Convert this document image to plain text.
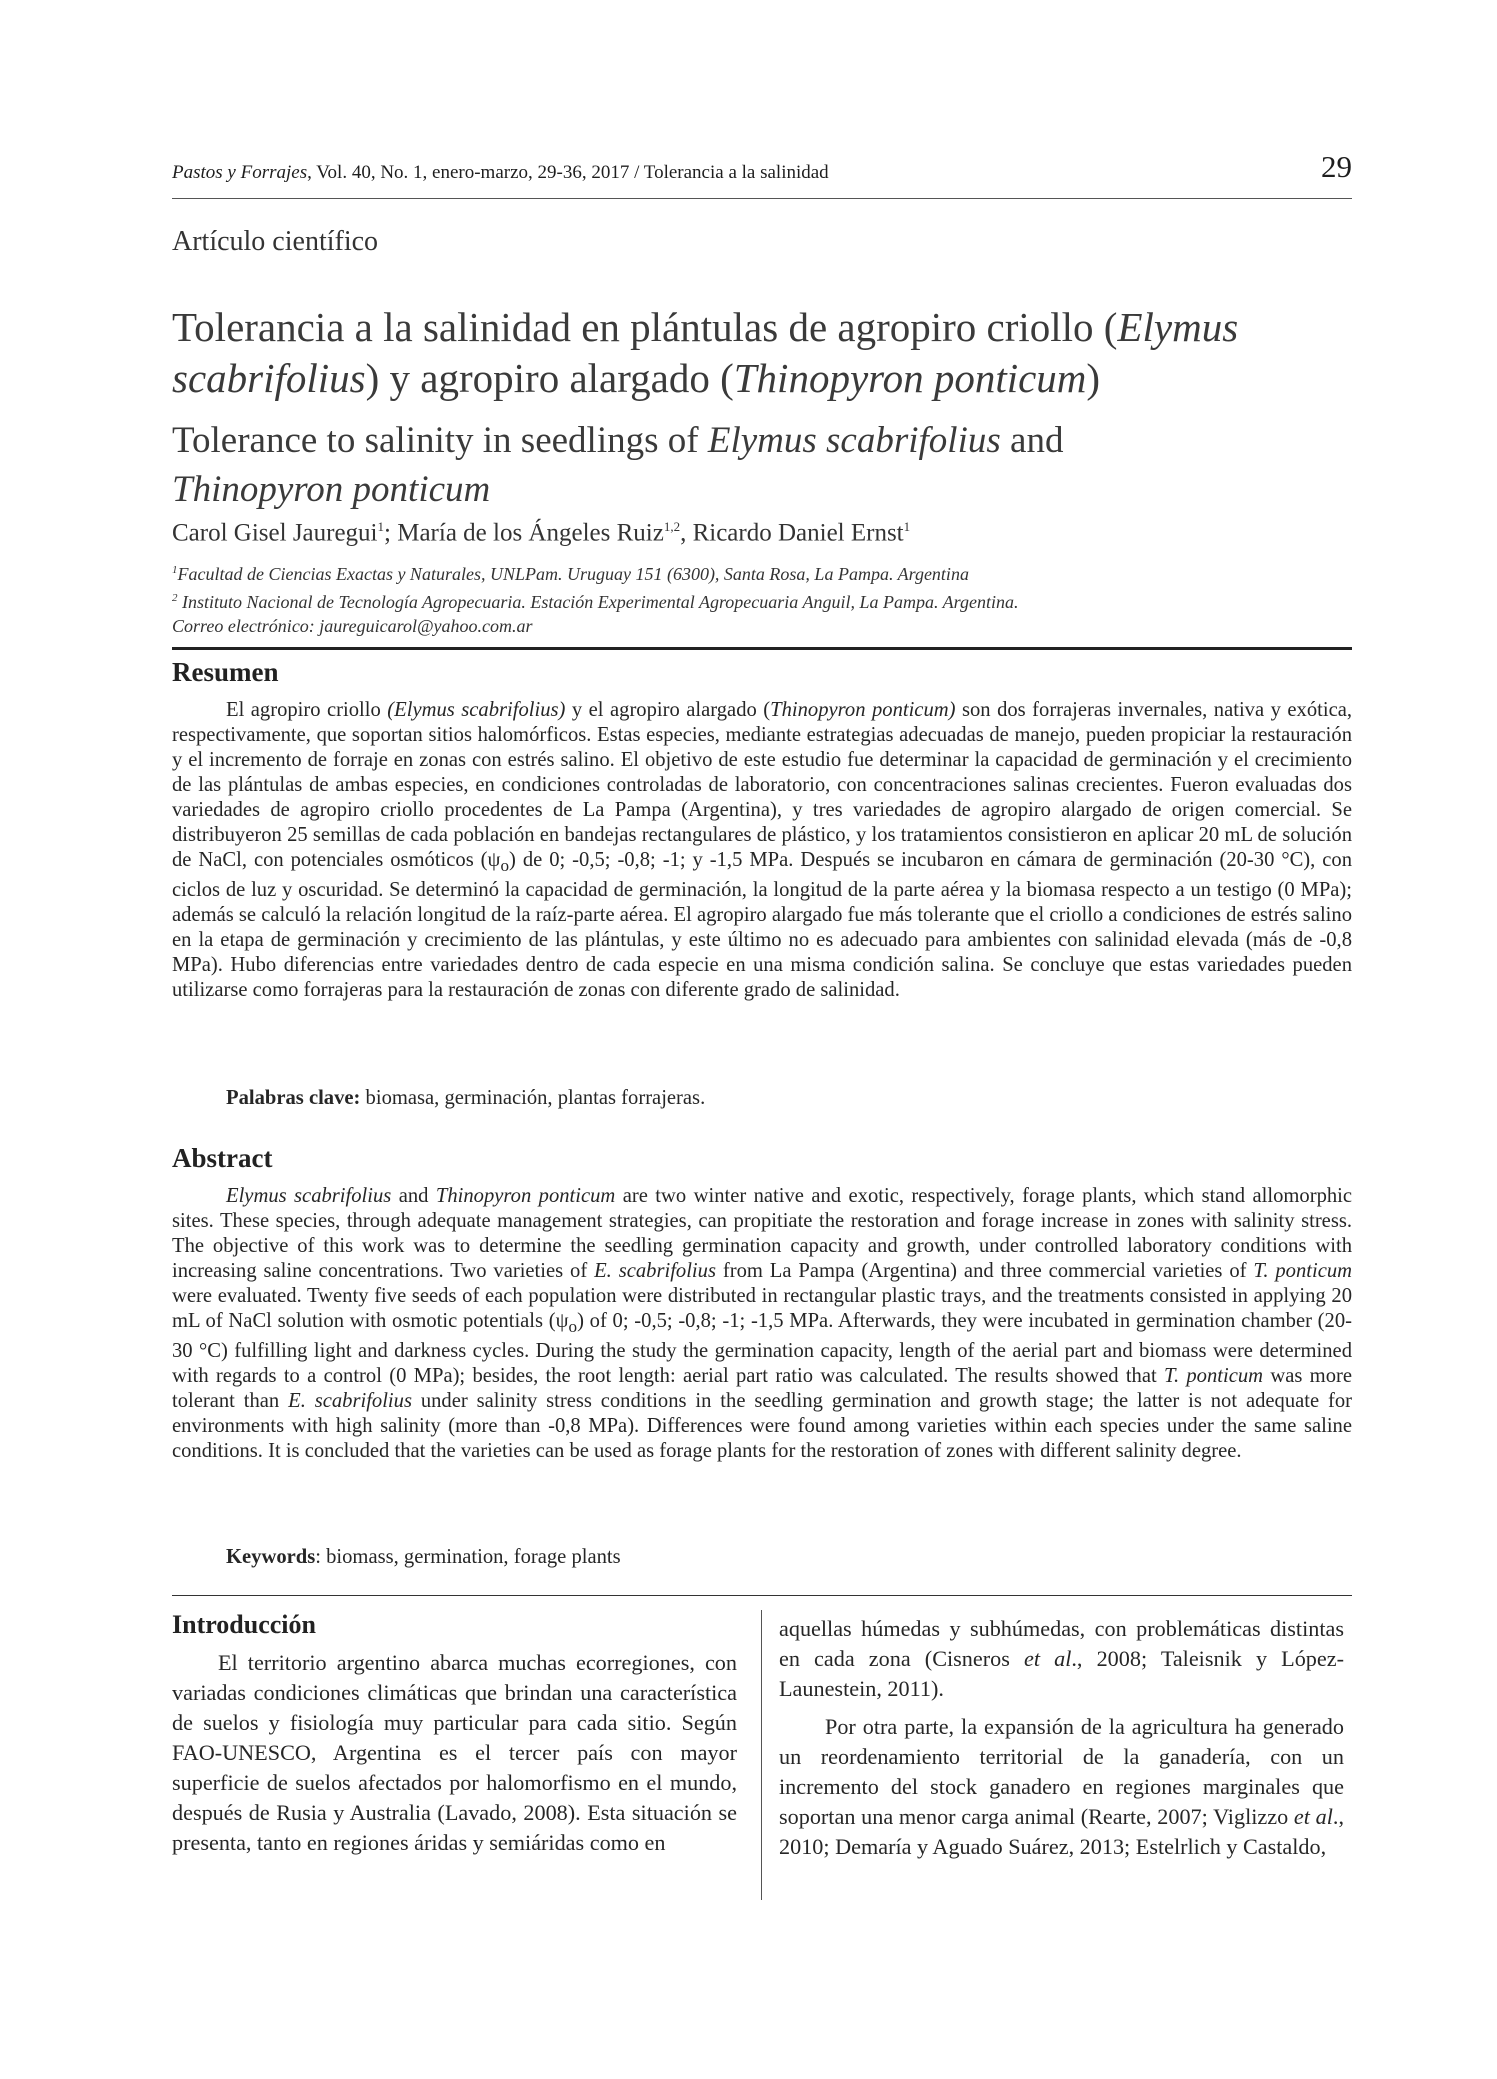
Pastos y Forrajes, Vol. 40, No. 1, enero-marzo, 29-36, 2017 / Tolerancia a la salinidad	29
Artículo científico
Tolerancia a la salinidad en plántulas de agropiro criollo (Elymus scabrifolius) y agropiro alargado (Thinopyron ponticum)
Tolerance to salinity in seedlings of Elymus scabrifolius and
Thinopyron ponticum
Carol Gisel Jauregui$^1$; María de los Ángeles Ruiz$^{1,2}$, Ricardo Daniel Ernst$^1$
$^1$Facultad de Ciencias Exactas y Naturales, UNLPam. Uruguay 151 (6300), Santa Rosa, La Pampa. Argentina
$^2$ Instituto Nacional de Tecnología Agropecuaria. Estación Experimental Agropecuaria Anguil, La Pampa. Argentina.
Correo electrónico: jaureguicarol@yahoo.com.ar
Resumen

El agropiro criollo (Elymus scabrifolius) y el agropiro alargado (Thinopyron ponticum) son dos forrajeras invernales, nativa y exótica, respectivamente, que soportan sitios halomórficos. Estas especies, mediante estrategias adecuadas de manejo, pueden propiciar la restauración y el incremento de forraje en zonas con estrés salino. El objetivo de este estudio fue determinar la capacidad de germinación y el crecimiento de las plántulas de ambas especies, en condiciones controladas de laboratorio, con concentraciones salinas crecientes. Fueron evaluadas dos variedades de agropiro criollo procedentes de La Pampa (Argentina), y tres variedades de agropiro alargado de origen comercial. Se distribuyeron 25 semillas de cada población en bandejas rectangulares de plástico, y los tratamientos consistieron en aplicar 20 mL de solución de NaCl, con potenciales osmóticos $(\psi_o)$ de 0; -0,5; -0,8; -1; y -1,5 MPa. Después se incubaron en cámara de germinación (20-30 °C), con ciclos de luz y oscuridad. Se determinó la capacidad de germinación, la longitud de la parte aérea y la biomasa respecto a un testigo (0 MPa); además se calculó la relación longitud de la raíz-parte aérea. El agropiro alargado fue más tolerante que el criollo a condiciones de estrés salino en la etapa de germinación y crecimiento de las plántulas, y este último no es adecuado para ambientes con salinidad elevada (más de -0,8 MPa). Hubo diferencias entre variedades dentro de cada especie en una misma condición salina. Se concluye que estas variedades pueden utilizarse como forrajeras para la restauración de zonas con diferente grado de salinidad.

Palabras clave: biomasa, germinación, plantas forrajeras.
Abstract

Elymus scabrifolius and Thinopyron ponticum are two winter native and exotic, respectively, forage plants, which stand allomorphic sites. These species, through adequate management strategies, can propitiate the restoration and forage increase in zones with salinity stress. The objective of this work was to determine the seedling germination capacity and growth, under controlled laboratory conditions with increasing saline concentrations. Two varieties of E. scabrifolius from La Pampa (Argentina) and three commercial varieties of T. ponticum were evaluated. Twenty five seeds of each population were distributed in rectangular plastic trays, and the treatments consisted in applying 20 mL of NaCl solution with osmotic potentials $(\psi_o)$ of 0; -0,5; -0,8; -1; -1,5 MPa. Afterwards, they were incubated in germination chamber (20-30 °C) fulfilling light and darkness cycles. During the study the germination capacity, length of the aerial part and biomass were determined with regards to a control (0 MPa); besides, the root length: aerial part ratio was calculated. The results showed that T. ponticum was more tolerant than E. scabrifolius under salinity stress conditions in the seedling germination and growth stage; the latter is not adequate for environments with high salinity (more than -0,8 MPa). Differences were found among varieties within each species under the same saline conditions. It is concluded that the varieties can be used as forage plants for the restoration of zones with different salinity degree.

Keywords: biomass, germination, forage plants
Introducción

El territorio argentino abarca muchas ecorregiones, con variadas condiciones climáticas que brindan una característica de suelos y fisiología muy particular para cada sitio. Según FAO-UNESCO, Argentina es el tercer país con mayor superficie de suelos afectados por halomorfismo en el mundo, después de Rusia y Australia (Lavado, 2008). Esta situación se presenta, tanto en regiones áridas y semiáridas como en

aquellas húmedas y subhúmedas, con problemáticas distintas en cada zona (Cisneros et al., 2008; Taleisnik y López-Launestein, 2011).

Por otra parte, la expansión de la agricultura ha generado un reordenamiento territorial de la ganadería, con un incremento del stock ganadero en regiones marginales que soportan una menor carga animal (Rearte, 2007; Viglizzo et al., 2010; Demaría y Aguado Suárez, 2013; Estelrlich y Castaldo,
